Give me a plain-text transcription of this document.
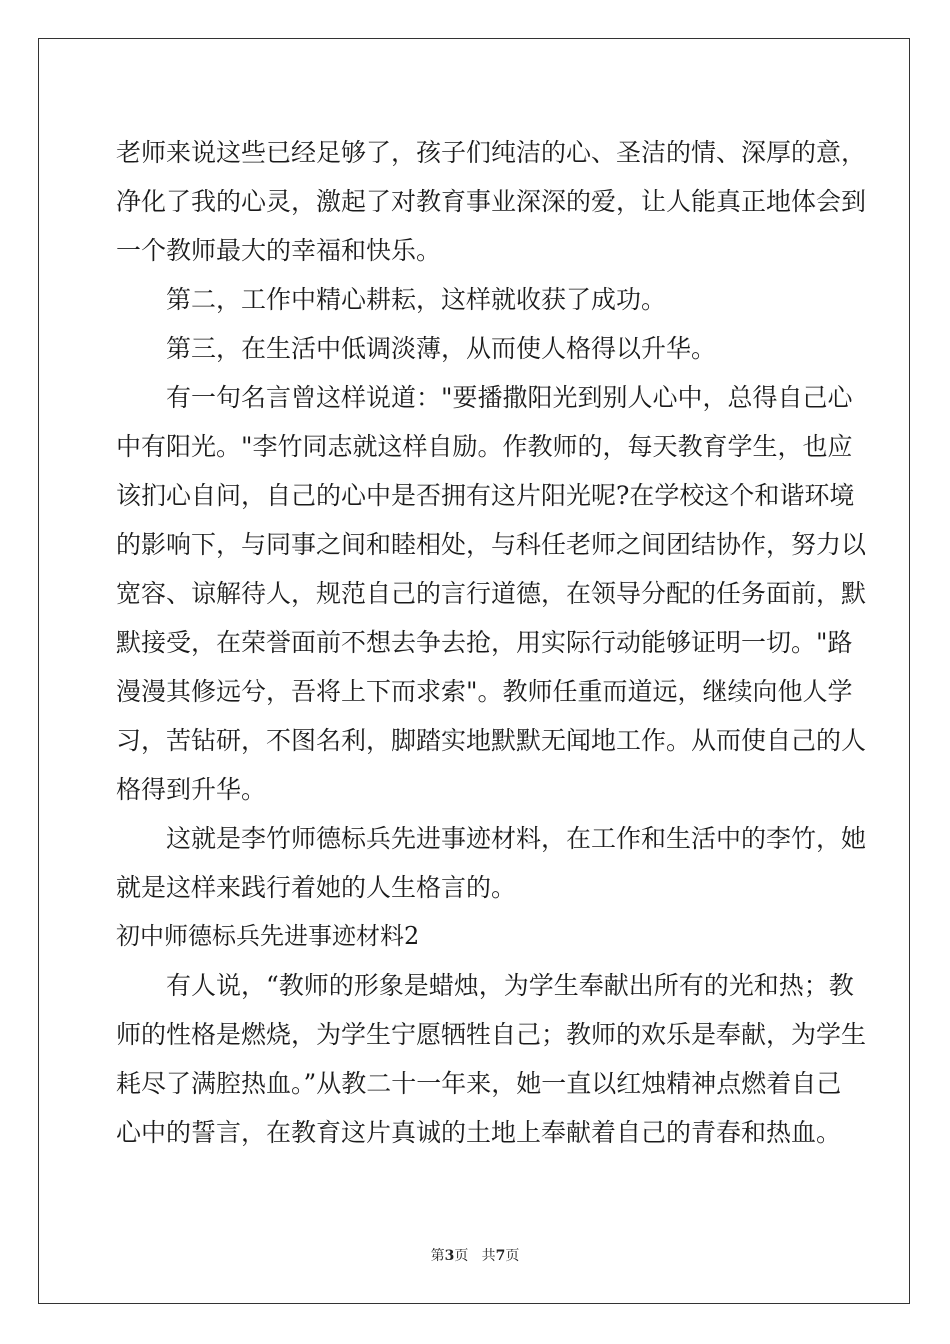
老师来说这些已经足够了，孩子们纯洁的心、圣洁的情、深厚的意，
净化了我的心灵，激起了对教育事业深深的爱，让人能真正地体会到
一个教师最大的幸福和快乐。
第二，工作中精心耕耘，这样就收获了成功。
第三，在生活中低调淡薄，从而使人格得以升华。
有一句名言曾这样说道："要播撒阳光到别人心中，总得自己心
中有阳光。"李竹同志就这样自励。作教师的，每天教育学生，也应
该扪心自问，自己的心中是否拥有这片阳光呢?在学校这个和谐环境
的影响下，与同事之间和睦相处，与科任老师之间团结协作，努力以
宽容、谅解待人，规范自己的言行道德，在领导分配的任务面前，默
默接受，在荣誉面前不想去争去抢，用实际行动能够证明一切。"路
漫漫其修远兮，吾将上下而求索"。教师任重而道远，继续向他人学
习，苦钻研，不图名利，脚踏实地默默无闻地工作。从而使自己的人
格得到升华。
这就是李竹师德标兵先进事迹材料，在工作和生活中的李竹，她
就是这样来践行着她的人生格言的。
初中师德标兵先进事迹材料2
有人说，“教师的形象是蜡烛，为学生奉献出所有的光和热；教
师的性格是燃烧，为学生宁愿牺牲自己；教师的欢乐是奉献，为学生
耗尽了满腔热血。”从教二十一年来，她一直以红烛精神点燃着自己
心中的誓言，在教育这片真诚的土地上奉献着自己的青春和热血。
第3页 共7页
